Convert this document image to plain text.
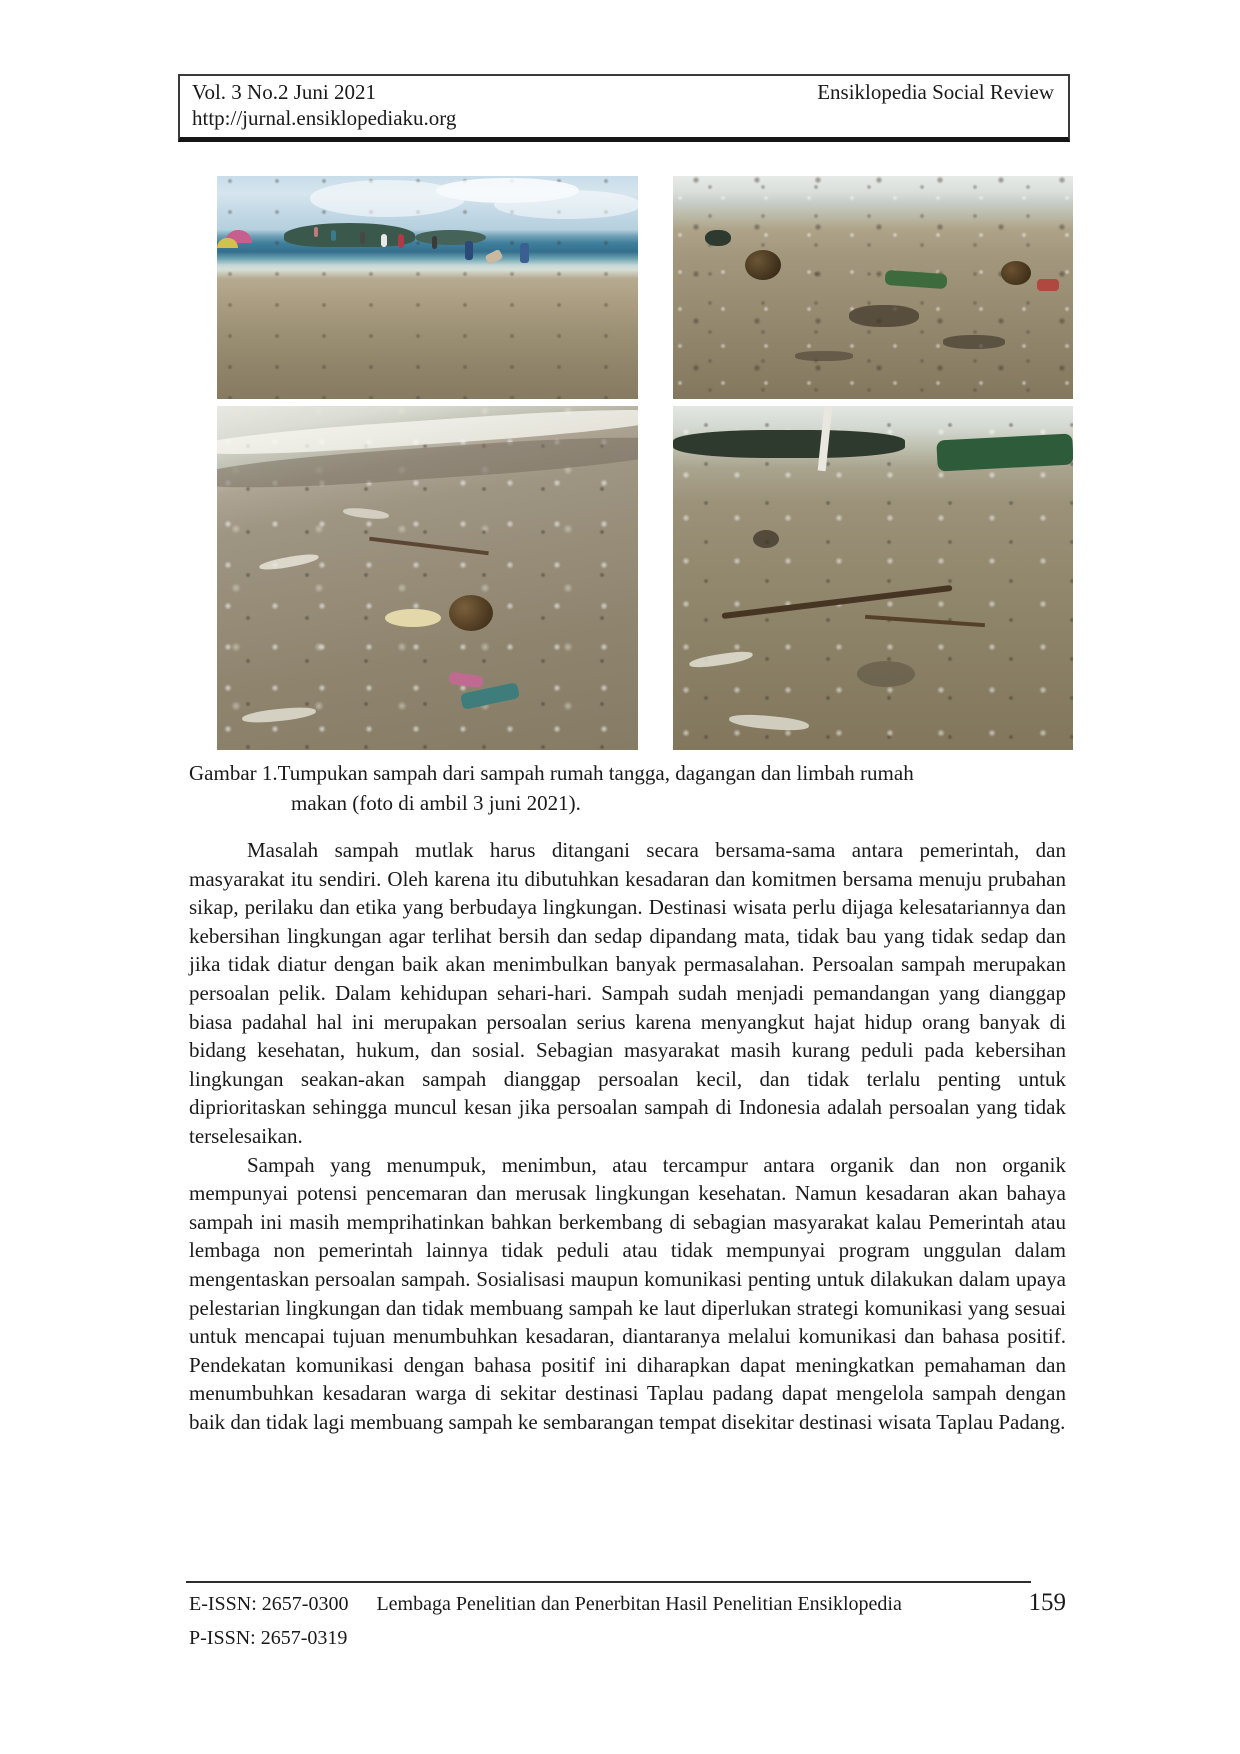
Vol. 3 No.2 Juni 2021	Ensiklopedia Social Review
http://jurnal.ensiklopediaku.org
Gambar 1.Tumpukan sampah dari sampah rumah tangga, dagangan dan limbah rumah
makan (foto di ambil 3 juni 2021).

Masalah sampah mutlak harus ditangani secara bersama-sama antara pemerintah, dan masyarakat itu sendiri. Oleh karena itu dibutuhkan kesadaran dan komitmen bersama menuju prubahan sikap, perilaku dan etika yang berbudaya lingkungan. Destinasi wisata perlu dijaga kelesatariannya dan kebersihan lingkungan agar terlihat bersih dan sedap dipandang mata, tidak bau yang tidak sedap dan jika tidak diatur dengan baik akan menimbulkan banyak permasalahan. Persoalan sampah merupakan persoalan pelik. Dalam kehidupan sehari-hari. Sampah sudah menjadi pemandangan yang dianggap biasa padahal hal ini merupakan persoalan serius karena menyangkut hajat hidup orang banyak di bidang kesehatan, hukum, dan sosial. Sebagian masyarakat masih kurang peduli pada kebersihan lingkungan seakan-akan sampah dianggap persoalan kecil, dan tidak terlalu penting untuk diprioritaskan sehingga muncul kesan jika persoalan sampah di Indonesia adalah persoalan yang tidak terselesaikan.

Sampah yang menumpuk, menimbun, atau tercampur antara organik dan non organik mempunyai potensi pencemaran dan merusak lingkungan kesehatan. Namun kesadaran akan bahaya sampah ini masih memprihatinkan bahkan berkembang di sebagian masyarakat kalau Pemerintah atau lembaga non pemerintah lainnya tidak peduli atau tidak mempunyai program unggulan dalam mengentaskan persoalan sampah. Sosialisasi maupun komunikasi penting untuk dilakukan dalam upaya pelestarian lingkungan dan tidak membuang sampah ke laut diperlukan strategi komunikasi yang sesuai untuk mencapai tujuan menumbuhkan kesadaran, diantaranya melalui komunikasi dan bahasa positif. Pendekatan komunikasi dengan bahasa positif ini diharapkan dapat meningkatkan pemahaman dan menumbuhkan kesadaran warga di sekitar destinasi Taplau padang dapat mengelola sampah dengan baik dan tidak lagi membuang sampah ke sembarangan tempat disekitar destinasi wisata Taplau Padang.

E-ISSN: 2657-0300 Lembaga Penelitian dan Penerbitan Hasil Penelitian Ensiklopedia	159
P-ISSN: 2657-0319
